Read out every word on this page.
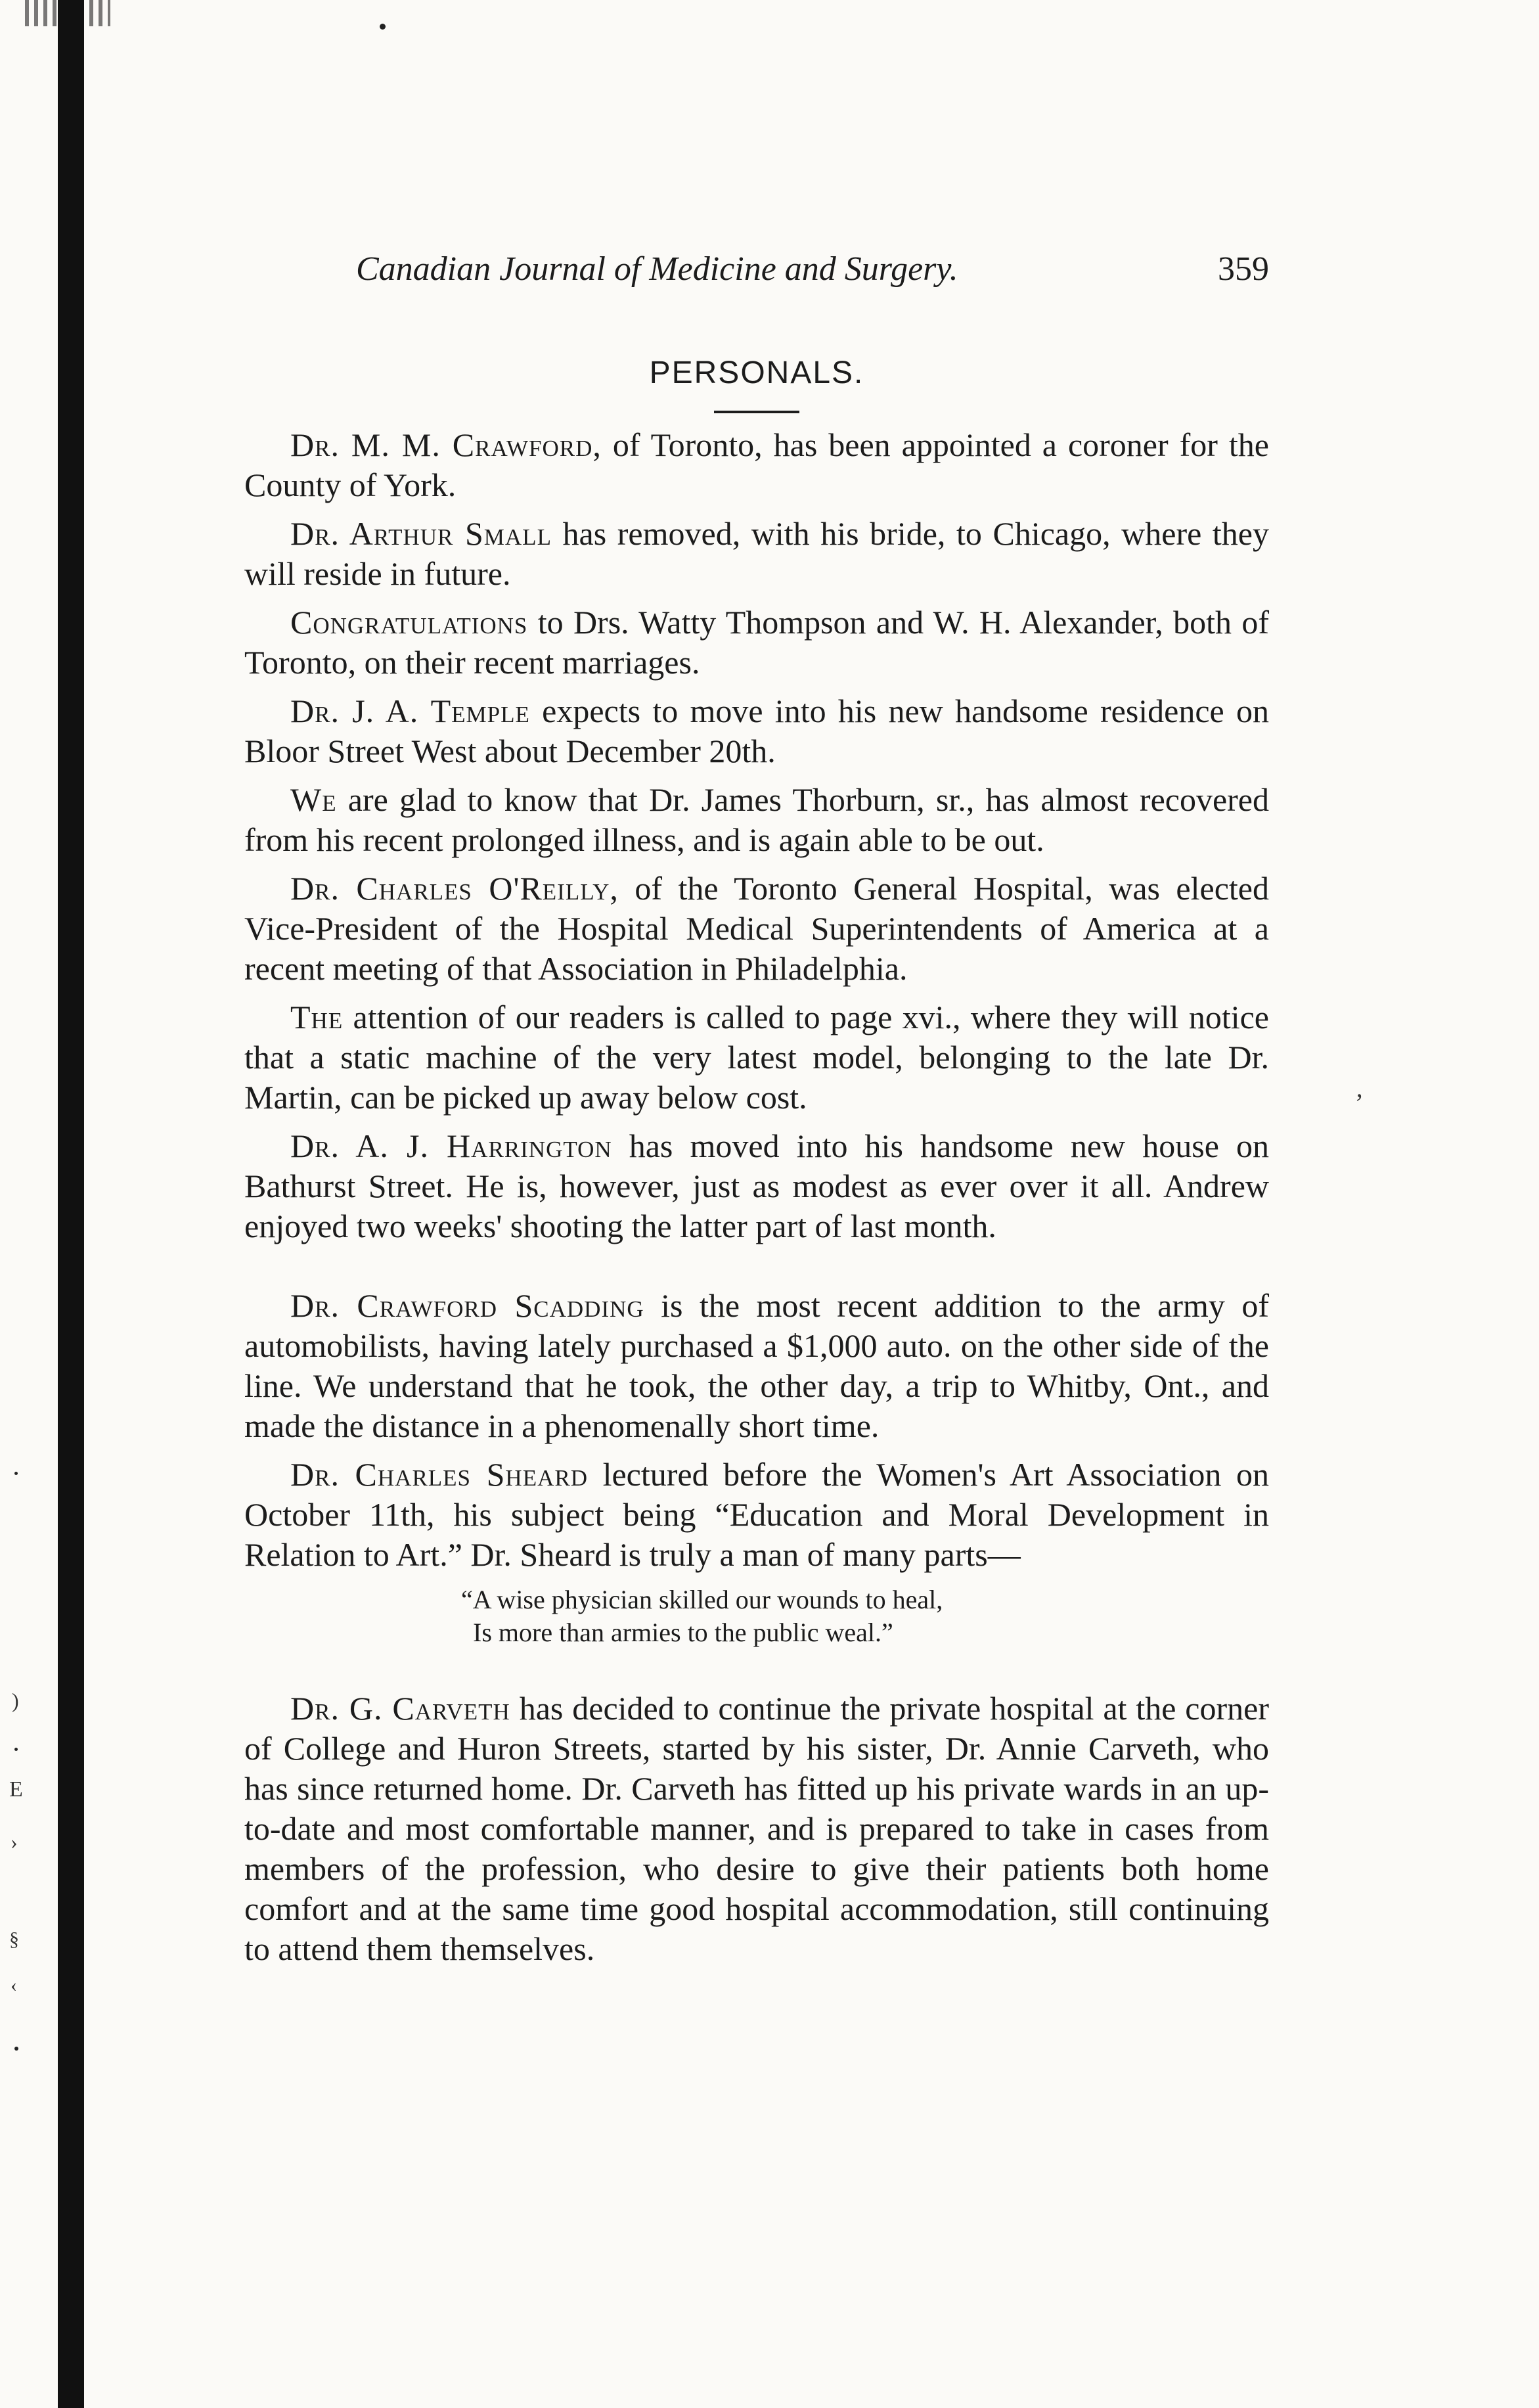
’
)
E
›
§
‹
Canadian Journal of Medicine and Surgery.	359
PERSONALS.

Dr. M. M. Crawford, of Toronto, has been appointed a coroner for the County of York.

Dr. Arthur Small has removed, with his bride, to Chicago, where they will reside in future.

Congratulations to Drs. Watty Thompson and W. H. Alexander, both of Toronto, on their recent marriages.

Dr. J. A. Temple expects to move into his new handsome residence on Bloor Street West about December 20th.

We are glad to know that Dr. James Thorburn, sr., has almost recovered from his recent prolonged illness, and is again able to be out.

Dr. Charles O'Reilly, of the Toronto General Hospital, was elected Vice-President of the Hospital Medical Superintendents of America at a recent meeting of that Association in Philadelphia.

The attention of our readers is called to page xvi., where they will notice that a static machine of the very latest model, belonging to the late Dr. Martin, can be picked up away below cost.

Dr. A. J. Harrington has moved into his handsome new house on Bathurst Street. He is, however, just as modest as ever over it all. Andrew enjoyed two weeks' shooting the latter part of last month.

Dr. Crawford Scadding is the most recent addition to the army of automobilists, having lately purchased a $1,000 auto. on the other side of the line. We understand that he took, the other day, a trip to Whitby, Ont., and made the distance in a phenomenally short time.

Dr. Charles Sheard lectured before the Women's Art Association on October 11th, his subject being “Education and Moral Development in Relation to Art.” Dr. Sheard is truly a man of many parts—

“A wise physician skilled our wounds to heal,
Is more than armies to the public weal.”

Dr. G. Carveth has decided to continue the private hospital at the corner of College and Huron Streets, started by his sister, Dr. Annie Carveth, who has since returned home. Dr. Carveth has fitted up his private wards in an up-to-date and most comfortable manner, and is prepared to take in cases from members of the profession, who desire to give their patients both home comfort and at the same time good hospital accommodation, still continuing to attend them themselves.
